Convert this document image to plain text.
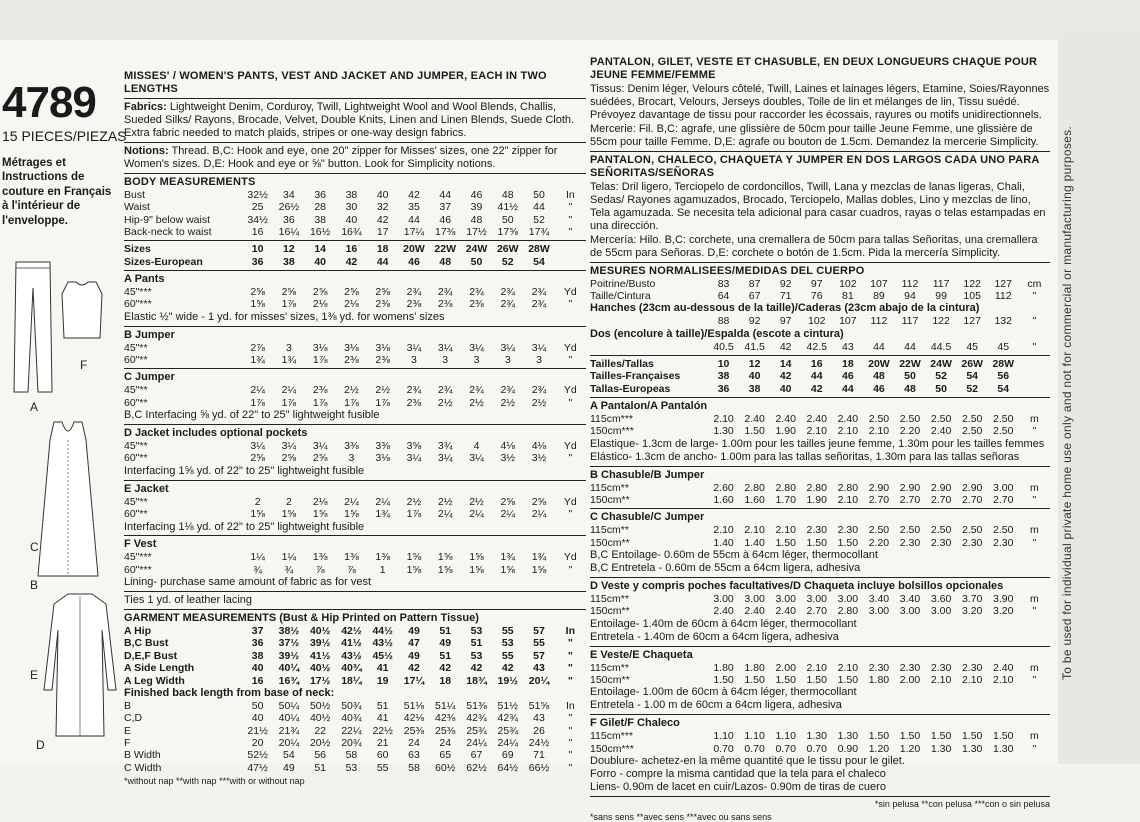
To be used for individual private home use only and not for commercial or manufacturing purposes.
4789
15 PIECES/PIEZAS
Métrages et Instructions de couture en Français à l'intérieur de l'enveloppe.
A
F
C
B
E
D
MISSES' / WOMEN'S PANTS, VEST AND JACKET AND JUMPER, EACH IN TWO LENGTHS
Fabrics: Lightweight Denim, Corduroy, Twill, Lightweight Wool and Wool Blends, Challis, Sueded Silks/ Rayons, Brocade, Velvet, Double Knits, Linen and Linen Blends, Suede Cloth. Extra fabric needed to match plaids, stripes or one-way design fabrics.
Notions: Thread. B,C: Hook and eye, one 20" zipper for Misses' sizes, one 22" zipper for Women's sizes. D,E: Hook and eye or ⅝" button. Look for Simplicity notions.
BODY MEASUREMENTS
Bust	32½	34	36	38	40	42	44	46	48	50	In
Waist	25	26½	28	30	32	35	37	39	41½	44	"
Hip-9" below waist	34½	36	38	40	42	44	46	48	50	52	"
Back-neck to waist	16	16¼	16½	16¾	17	17¼	17⅜	17½	17⅝	17¾	"
Sizes	10	12	14	16	18	20W	22W	24W	26W	28W	
Sizes-European	36	38	40	42	44	46	48	50	52	54	
A Pants
45"***	2⅝	2⅝	2⅝	2⅝	2⅝	2¾	2¾	2¾	2¾	2¾	Yd
60"***	1⅝	1⅞	2⅛	2⅛	2⅜	2⅜	2⅜	2⅜	2¾	2¾	"
Elastic ½" wide - 1 yd. for misses' sizes, 1⅜ yd. for womens' sizes
B Jumper
45"**	2⅞	3	3⅛	3⅛	3⅛	3¼	3¼	3¼	3¼	3¼	Yd
60"**	1¾	1¾	1⅞	2⅜	2⅜	3	3	3	3	3	"
C Jumper
45"**	2¼	2¼	2⅜	2½	2½	2¾	2¾	2¾	2¾	2¾	Yd
60"**	1⅞	1⅞	1⅞	1⅞	1⅞	2⅜	2½	2½	2½	2½	"
B,C Interfacing ⅝ yd. of 22" to 25" lightweight fusible
D Jacket includes optional pockets
45"**	3¼	3¼	3¼	3⅜	3⅜	3⅝	3¾	4	4⅛	4⅛	Yd
60"**	2⅝	2⅝	2⅝	3	3⅛	3¼	3¼	3¼	3½	3½	"
Interfacing 1⅝ yd. of 22" to 25" lightweight fusible
E Jacket
45"**	2	2	2⅛	2¼	2¼	2½	2½	2½	2⅝	2⅝	Yd
60"**	1⅝	1⅝	1⅝	1⅝	1¾	1⅞	2¼	2¼	2¼	2¼	"
Interfacing 1⅛ yd. of 22" to 25" lightweight fusible
F Vest
45"***	1¼	1¼	1⅜	1⅜	1⅜	1⅝	1⅝	1⅝	1¾	1¾	Yd
60"***	¾	¾	⅞	⅞	1	1⅝	1⅝	1⅝	1⅝	1⅝	"
Lining- purchase same amount of fabric as for vest
Ties 1 yd. of leather lacing
GARMENT MEASUREMENTS (Bust & Hip Printed on Pattern Tissue)
A Hip	37	38½	40½	42½	44½	49	51	53	55	57	In
B,C Bust	36	37½	39½	41½	43½	47	49	51	53	55	"
D,E,F Bust	38	39½	41½	43½	45½	49	51	53	55	57	"
A Side Length	40	40¼	40½	40¾	41	42	42	42	42	43	"
A Leg Width	16	16¾	17½	18¼	19	17¼	18	18¾	19½	20¼	"
Finished back length from base of neck:
B	50	50¼	50½	50¾	51	51⅛	51¼	51⅜	51½	51⅝	In
C,D	40	40¼	40½	40¾	41	42⅛	42⅜	42¾	42¾	43	"
E	21½	21¾	22	22¼	22½	25⅜	25⅜	25¾	25¾	26	"
F	20	20¼	20½	20¾	21	24	24	24¼	24¼	24½	"
B Width	52½	54	56	58	60	63	65	67	69	71	"
C Width	47½	49	51	53	55	58	60½	62½	64½	66½	"
*without nap **with nap ***with or without nap
PANTALON, GILET, VESTE ET CHASUBLE, EN DEUX LONGUEURS CHAQUE POUR JEUNE FEMME/FEMME
Tissus: Denim léger, Velours côtelé, Twill, Laines et lainages légers, Etamine, Soies/Rayonnes suédées, Brocart, Velours, Jerseys doubles, Toile de lin et mélanges de lin, Tissu suédé. Prévoyez davantage de tissu pour raccorder les écossais, rayures ou motifs unidirectionnels.
Mercerie: Fil. B,C: agrafe, une glissière de 50cm pour taille Jeune Femme, une glissière de 55cm pour taille Femme. D,E: agrafe ou bouton de 1.5cm. Demandez la mercerie Simplicity.
PANTALON, CHALECO, CHAQUETA Y JUMPER EN DOS LARGOS CADA UNO PARA SEÑORITAS/SEÑORAS
Telas: Dril ligero, Terciopelo de cordoncillos, Twill, Lana y mezclas de lanas ligeras, Chali, Sedas/ Rayones agamuzados, Brocado, Terciopelo, Mallas dobles, Lino y mezclas de lino, Tela agamuzada. Se necesita tela adicional para casar cuadros, rayas o telas estampadas en una dirección.
Mercería: Hilo. B,C: corchete, una cremallera de 50cm para tallas Señoritas, una cremallera de 55cm para Señoras. D,E: corchete o botón de 1.5cm. Pida la mercería Simplicity.
MESURES NORMALISEES/MEDIDAS DEL CUERPO
Poitrine/Busto	83	87	92	97	102	107	112	117	122	127	cm
Taille/Cintura	64	67	71	76	81	89	94	99	105	112	"
Hanches (23cm au-dessous de la taille)/Caderas (23cm abajo de la cintura)
	88	92	97	102	107	112	117	122	127	132	"
Dos (encolure à taille)/Espalda (escote a cintura)
	40.5	41.5	42	42.5	43	44	44	44.5	45	45	"
Tailles/Tallas	10	12	14	16	18	20W	22W	24W	26W	28W	
Tailles-Françaises	38	40	42	44	46	48	50	52	54	56	
Tallas-Europeas	36	38	40	42	44	46	48	50	52	54	
A Pantalon/A Pantalón
115cm***	2.10	2.40	2.40	2.40	2.40	2.50	2.50	2.50	2.50	2.50	m
150cm***	1.30	1.50	1.90	2.10	2.10	2.10	2.20	2.40	2.50	2.50	"
Elastique- 1.3cm de large- 1.00m pour les tailles jeune femme, 1.30m pour les tailles femmes
Elástico- 1.3cm de ancho- 1.00m para las tallas señoritas, 1.30m para las tallas señoras
B Chasuble/B Jumper
115cm**	2.60	2.80	2.80	2.80	2.80	2.90	2.90	2.90	2.90	3.00	m
150cm**	1.60	1.60	1.70	1.90	2.10	2.70	2.70	2.70	2.70	2.70	"
C Chasuble/C Jumper
115cm**	2.10	2.10	2.10	2.30	2.30	2.50	2.50	2.50	2.50	2.50	m
150cm**	1.40	1.40	1.50	1.50	1.50	2.20	2.30	2.30	2.30	2.30	"
B,C Entoilage- 0.60m de 55cm à 64cm léger, thermocollant
B,C Entretela - 0.60m de 55cm a 64cm ligera, adhesiva
D Veste y compris poches facultatives/D Chaqueta incluye bolsillos opcionales
115cm**	3.00	3.00	3.00	3.00	3.00	3.40	3.40	3.60	3.70	3.90	m
150cm**	2.40	2.40	2.40	2.70	2.80	3.00	3.00	3.00	3.20	3.20	"
Entoilage- 1.40m de 60cm à 64cm léger, thermocollant
Entretela - 1.40m de 60cm a 64cm ligera, adhesiva
E Veste/E Chaqueta
115cm**	1.80	1.80	2.00	2.10	2.10	2.30	2.30	2.30	2.30	2.40	m
150cm**	1.50	1.50	1.50	1.50	1.50	1.80	2.00	2.10	2.10	2.10	"
Entoilage- 1.00m de 60cm à 64cm léger, thermocollant
Entretela - 1.00 m de 60cm a 64cm ligera, adhesiva
F Gilet/F Chaleco
115cm***	1.10	1.10	1.10	1.30	1.30	1.50	1.50	1.50	1.50	1.50	m
150cm***	0.70	0.70	0.70	0.70	0.90	1.20	1.20	1.30	1.30	1.30	"
Doublure- achetez-en la même quantité que le tissu pour le gilet.
Forro - compre la misma cantidad que la tela para el chaleco
Liens- 0.90m de lacet en cuir/Lazos- 0.90m de tiras de cuero
*sin pelusa **con pelusa ***con o sin pelusa
*sans sens **avec sens ***avec ou sans sens
